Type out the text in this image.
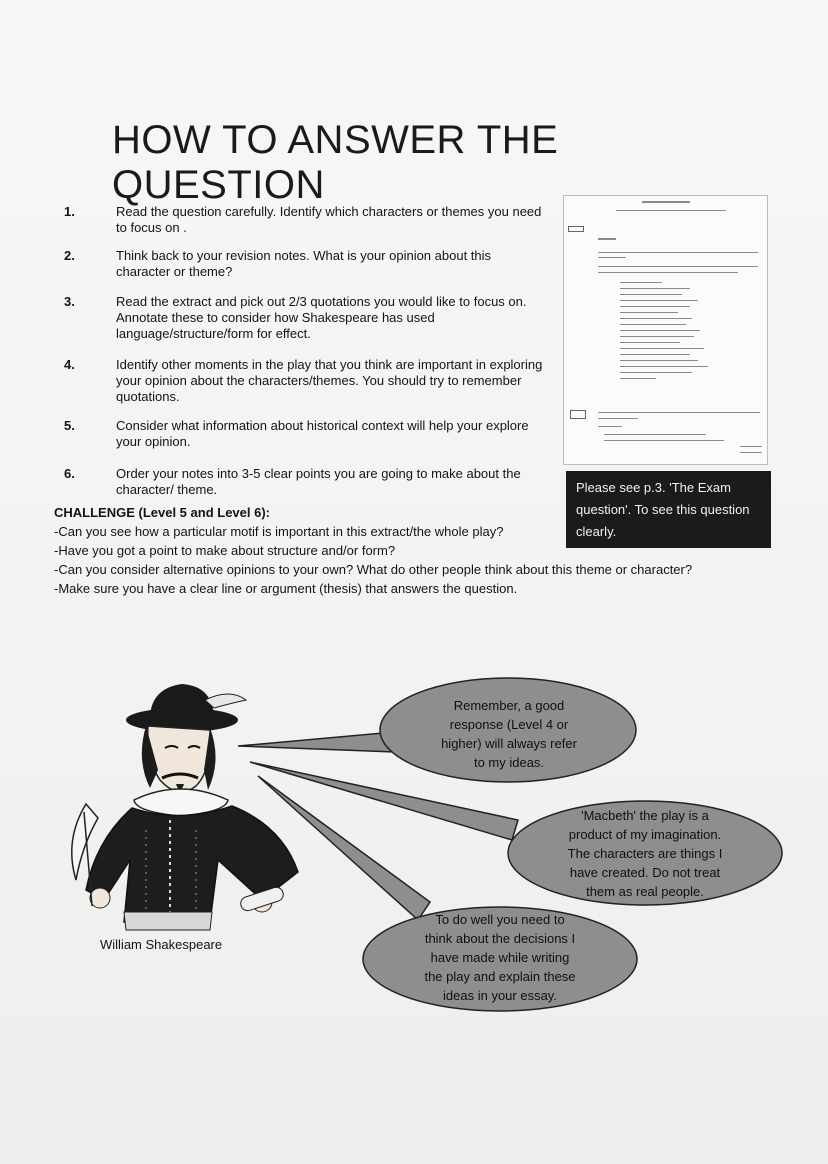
HOW TO ANSWER THE QUESTION
1.	Read the question carefully. Identify which characters or themes you need to focus on .
2.	Think back to your revision notes. What is your opinion about this character or theme?
3.	Read the extract and pick out 2/3 quotations you would like to focus on. Annotate these to consider how Shakespeare has used language/structure/form for effect.
4.	Identify other moments in the play that you think are important in exploring your opinion about the characters/themes. You should try to remember quotations.
5.	Consider what information about historical context will help your explore your opinion.
6.	Order your notes into 3-5 clear points you are going to make about the character/ theme.	Please see p.3. 'The Exam question'. To see this question clearly.
CHALLENGE (Level 5 and Level 6):
-Can you see how a particular motif is important in this extract/the whole play?
-Have you got a point to make about structure and/or form?
-Can you consider alternative opinions to your own? What do other people think about this theme or character?
-Make sure you have a clear line or argument (thesis) that answers the question.
Remember, a good
response (Level 4 or
higher) will always refer
to my ideas.
'Macbeth' the play is a
product of my imagination.
The characters are things I
have created. Do not treat
them as real people.
To do well you need to
think about the decisions I
have made while writing
the play and explain these
ideas in your essay.
William Shakespeare
